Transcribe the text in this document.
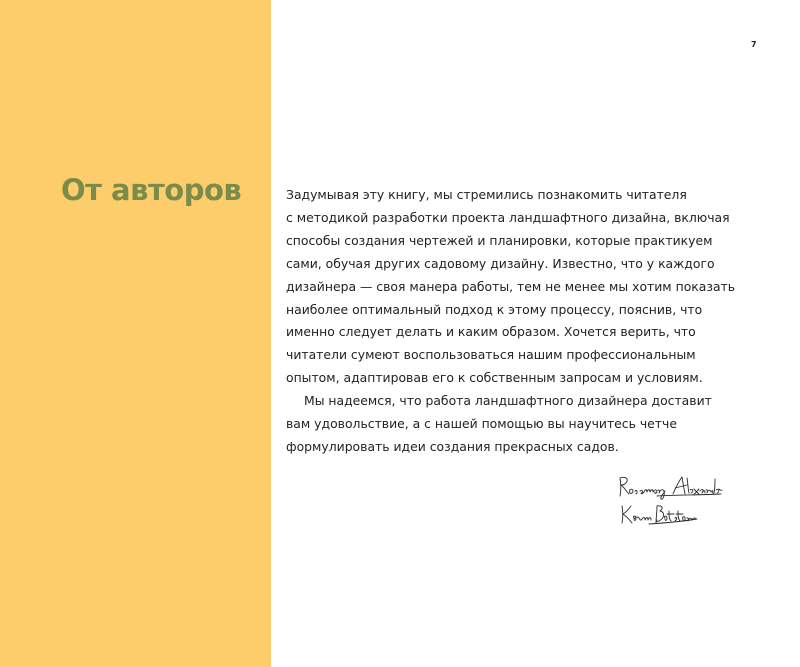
От авторов
7
Задумывая эту книгу, мы стремились познакомить читателя
с методикой разработки проекта ландшафтного дизайна, включая
способы создания чертежей и планировки, которые практикуем
сами, обучая других садовому дизайну. Известно, что у каждого
дизайнера — своя манера работы, тем не менее мы хотим показать
наиболее оптимальный подход к этому процессу, пояснив, что
именно следует делать и каким образом. Хочется верить, что
читатели сумеют воспользоваться нашим профессиональным
опытом, адаптировав его к собственным запросам и условиям.
Мы надеемся, что работа ландшафтного дизайнера доставит
вам удовольствие, а с нашей помощью вы научитесь четче
формулировать идеи создания прекрасных садов.
